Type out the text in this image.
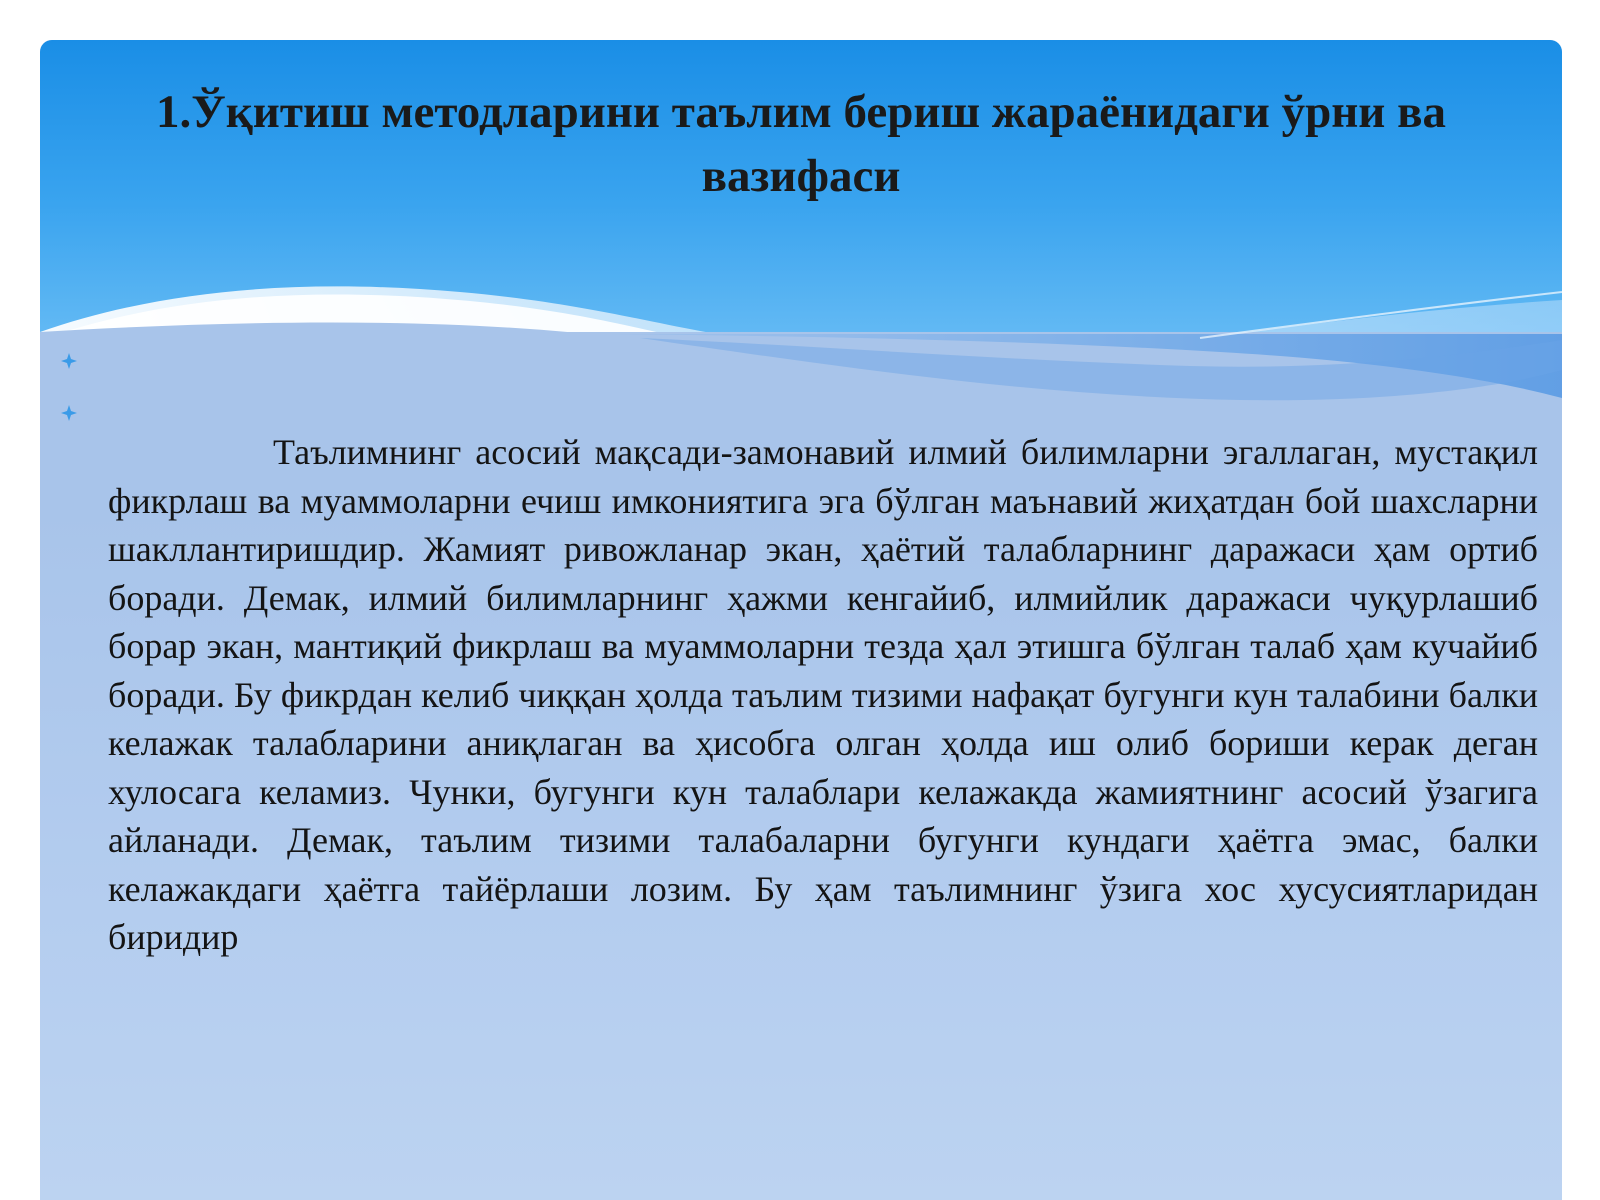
1.Ўқитиш методларини таълим бериш жараёнидаги ўрни ва вазифаси

Таълимнинг асосий мақсади-замонавий илмий билимларни эгаллаган, мустақил фикрлаш ва муаммоларни ечиш имкониятига эга бўлган маънавий жиҳатдан бой шахсларни шакллантиришдир. Жамият ривожланар экан, ҳаётий талабларнинг даражаси ҳам ортиб боради. Демак, илмий билимларнинг ҳажми кенгайиб, илмийлик даражаси чуқурлашиб борар экан, мантиқий фикрлаш ва муаммоларни тезда ҳал этишга бўлган талаб ҳам кучайиб боради. Бу фикрдан келиб чиққан ҳолда таълим тизими нафақат бугунги кун талабини балки келажак талабларини аниқлаган ва ҳисобга олган ҳолда иш олиб бориши керак деган хулосага келамиз. Чунки, бугунги кун талаблари келажакда жамиятнинг асосий ўзагига айланади. Демак, таълим тизими талабаларни бугунги кундаги ҳаётга эмас, балки келажакдаги ҳаётга тайёрлаши лозим. Бу ҳам таълимнинг ўзига хос хусусиятларидан биридир
